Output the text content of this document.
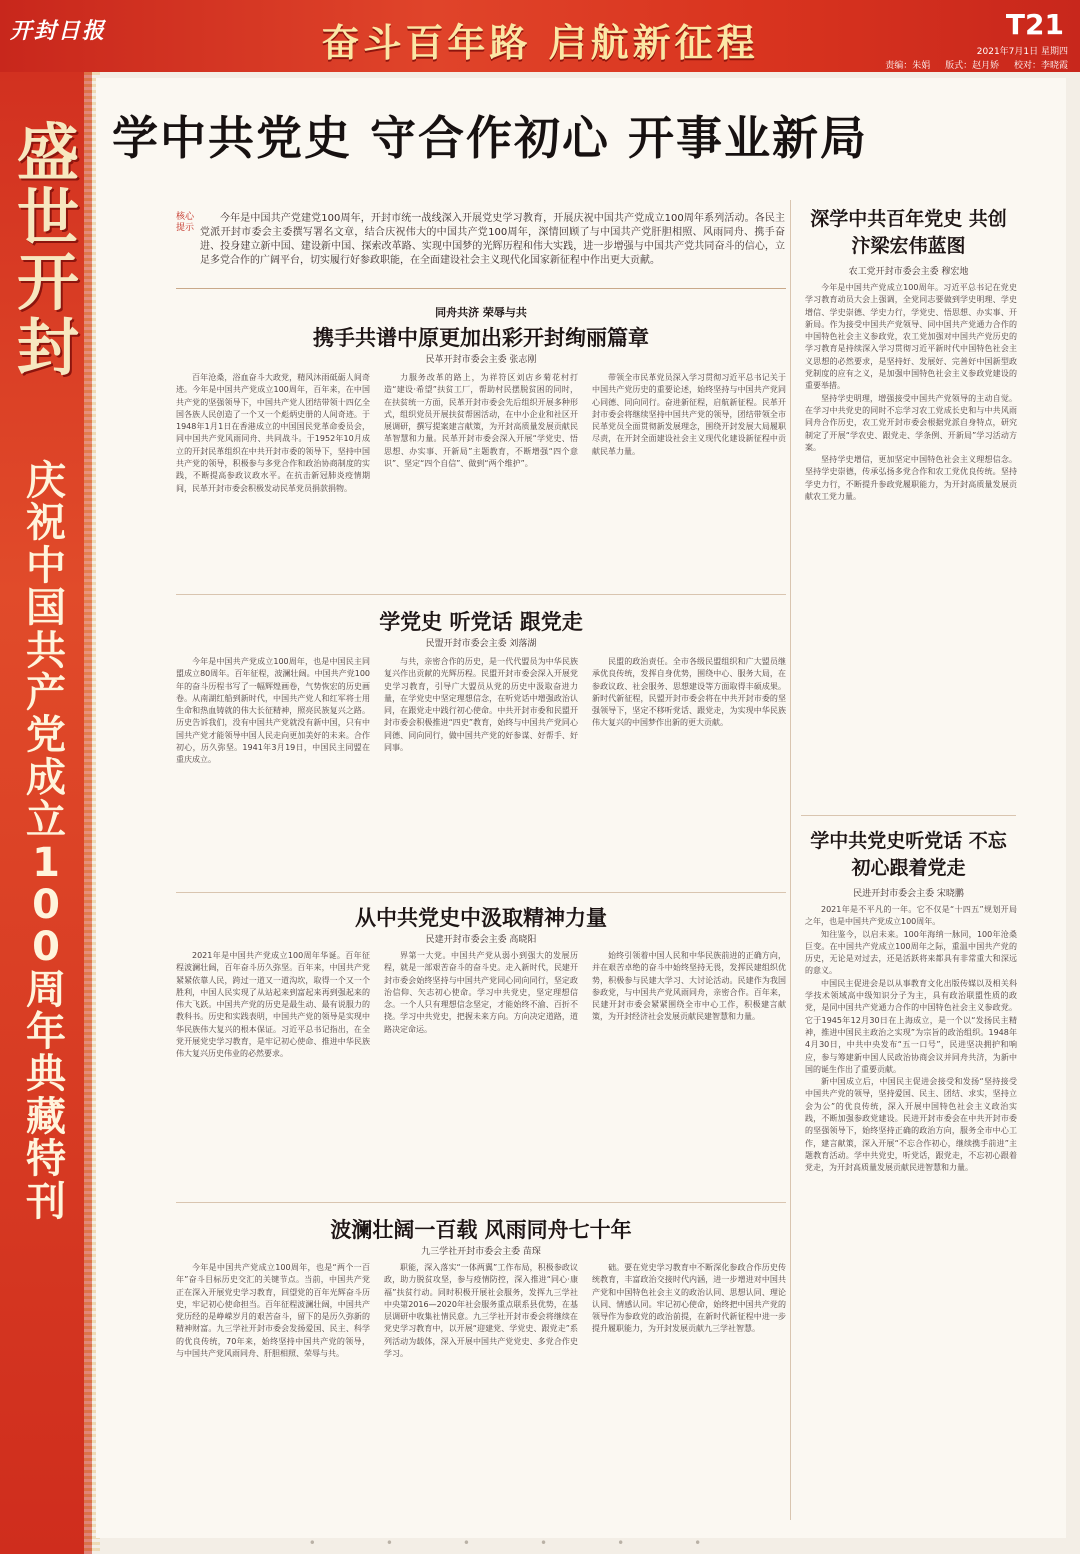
开封日报	奋斗百年路 启航新征程	T21
2021年7月1日 星期四
责编：朱娟 版式：赵月娇 校对：李晓霞
盛世开封
庆祝中国共产党成立100周年典藏特刊
学中共党史 守合作初心 开事业新局
核心提示
今年是中国共产党建党100周年，开封市统一战线深入开展党史学习教育，开展庆祝中国共产党成立100周年系列活动。各民主党派开封市委会主委撰写署名文章，结合庆祝伟大的中国共产党100周年，深情回顾了与中国共产党肝胆相照、风雨同舟、携手奋进、投身建立新中国、建设新中国、探索改革路、实现中国梦的光辉历程和伟大实践，进一步增强与中国共产党共同奋斗的信心，立足多党合作的广阔平台，切实履行好参政职能，在全面建设社会主义现代化国家新征程中作出更大贡献。
同舟共济 荣辱与共
携手共谱中原更加出彩开封绚丽篇章
民革开封市委会主委 张志刚

百年沧桑，浴血奋斗大政党，精风沐雨砥砺人间奇迹。今年是中国共产党成立100周年，百年来，在中国共产党的坚强领导下，中国共产党人团结带领十四亿全国各族人民创造了一个又一个彪炳史册的人间奇迹。于1948年1月1日在香港成立的中国国民党革命委员会，同中国共产党风雨同舟、共同战斗。于1952年10月成立的开封民革组织在中共开封市委的领导下，坚持中国共产党的领导，积极参与多党合作和政治协商制度的实践，不断提高参政议政水平。在抗击新冠肺炎疫情期间，民革开封市委会积极发动民革党员捐款捐物。

力服务改革的路上，为祥符区刘店乡菊花村打造“建设·希望”扶贫工厂，帮助村民摆脱贫困的同时，在扶贫统一方面，民革开封市委会先后组织开展多种形式，组织党员开展扶贫帮困活动，在中小企业和社区开展调研，撰写提案建言献策，为开封高质量发展贡献民革智慧和力量。民革开封市委会深入开展“学党史、悟思想、办实事、开新局”主题教育，不断增强“四个意识”、坚定“四个自信”、做到“两个维护”。

带领全市民革党员深入学习贯彻习近平总书记关于中国共产党历史的重要论述，始终坚持与中国共产党同心同德、同向同行。奋进新征程，启航新征程。民革开封市委会将继续坚持中国共产党的领导，团结带领全市民革党员全面贯彻新发展理念，围绕开封发展大局履职尽责，在开封全面建设社会主义现代化建设新征程中贡献民革力量。

学党史 听党话 跟党走
民盟开封市委会主委 刘落湖

今年是中国共产党成立100周年，也是中国民主同盟成立80周年。百年征程，波澜壮阔。中国共产党100年的奋斗历程书写了一幅辉煌画卷，气势恢宏的历史画卷。从南湖红船到新时代，中国共产党人和红军将士用生命和热血铸就的伟大长征精神，照亮民族复兴之路。历史告诉我们，没有中国共产党就没有新中国，只有中国共产党才能领导中国人民走向更加美好的未来。合作初心，历久弥坚。1941年3月19日，中国民主同盟在重庆成立。

与共，亲密合作的历史，是一代代盟员为中华民族复兴作出贡献的光辉历程。民盟开封市委会深入开展党史学习教育，引导广大盟员从党的历史中汲取奋进力量，在学党史中坚定理想信念，在听党话中增强政治认同，在跟党走中践行初心使命。中共开封市委和民盟开封市委会积极推进“四史”教育，始终与中国共产党同心同德、同向同行，做中国共产党的好参谋、好帮手、好同事。

民盟的政治责任。全市各级民盟组织和广大盟员继承优良传统，发挥自身优势，围绕中心、服务大局，在参政议政、社会服务、思想建设等方面取得丰硕成果。新时代新征程，民盟开封市委会将在中共开封市委的坚强领导下，坚定不移听党话、跟党走，为实现中华民族伟大复兴的中国梦作出新的更大贡献。

从中共党史中汲取精神力量
民建开封市委会主委 高晓阳

2021年是中国共产党成立100周年华诞。百年征程波澜壮阔，百年奋斗历久弥坚。百年来，中国共产党紧紧依靠人民，跨过一道又一道沟坎，取得一个又一个胜利，中国人民实现了从站起来到富起来再到强起来的伟大飞跃。中国共产党的历史是最生动、最有说服力的教科书。历史和实践表明，中国共产党的领导是实现中华民族伟大复兴的根本保证。习近平总书记指出，在全党开展党史学习教育，是牢记初心使命、推进中华民族伟大复兴历史伟业的必然要求。

界第一大党。中国共产党从弱小到强大的发展历程，就是一部艰苦奋斗的奋斗史。走入新时代，民建开封市委会始终坚持与中国共产党同心同向同行，坚定政治信仰、矢志初心使命。学习中共党史，坚定理想信念。一个人只有理想信念坚定，才能始终不渝、百折不挠。学习中共党史，把握未来方向。方向决定道路，道路决定命运。

始终引领着中国人民和中华民族前进的正确方向，并在艰苦卓绝的奋斗中始终坚持无畏，发挥民建组织优势，积极参与民建大学习、大讨论活动。民建作为我国参政党，与中国共产党风雨同舟，亲密合作。百年来，民建开封市委会紧紧围绕全市中心工作，积极建言献策，为开封经济社会发展贡献民建智慧和力量。

波澜壮阔一百载 风雨同舟七十年
九三学社开封市委会主委 苗琛

今年是中国共产党成立100周年，也是“两个一百年”奋斗目标历史交汇的关键节点。当前，中国共产党正在深入开展党史学习教育，回望党的百年光辉奋斗历史，牢记初心使命担当。百年征程波澜壮阔，中国共产党历经的是峥嵘岁月的艰苦奋斗，留下的是历久弥新的精神财富。九三学社开封市委会发扬爱国、民主、科学的优良传统，70年来，始终坚持中国共产党的领导，与中国共产党风雨同舟、肝胆相照、荣辱与共。

职能，深入落实“一体两翼”工作布局，积极参政议政，助力脱贫攻坚，参与疫情防控，深入推进“同心·康福”扶贫行动。同时积极开展社会服务，发挥九三学社中央第2016—2020年社会服务重点联系县优势，在基层调研中收集社情民意。九三学社开封市委会将继续在党史学习教育中，以开展“迎建党、学党史、跟党走”系列活动为载体，深入开展中国共产党党史、多党合作史学习。

础。要在党史学习教育中不断深化参政合作历史传统教育，丰富政治交接时代内涵，进一步增进对中国共产党和中国特色社会主义的政治认同、思想认同、理论认同、情感认同。牢记初心使命，始终把中国共产党的领导作为参政党的政治前提，在新时代新征程中进一步提升履职能力，为开封发展贡献九三学社智慧。

深学中共百年党史 共创汴梁宏伟蓝图
农工党开封市委会主委 穆宏地

今年是中国共产党成立100周年。习近平总书记在党史学习教育动员大会上强调，全党同志要做到学史明理、学史增信、学史崇德、学史力行，学党史、悟思想、办实事、开新局。作为接受中国共产党领导、同中国共产党通力合作的中国特色社会主义参政党，农工党加强对中国共产党历史的学习教育是持续深入学习贯彻习近平新时代中国特色社会主义思想的必然要求，是坚持好、发展好、完善好中国新型政党制度的应有之义，是加强中国特色社会主义参政党建设的重要举措。

坚持学史明理，增强接受中国共产党领导的主动自觉。在学习中共党史的同时不忘学习农工党成长史和与中共风雨同舟合作历史，农工党开封市委会根据党派自身特点，研究制定了开展“学农史、跟党走、学条例、开新局”学习活动方案。

坚持学史增信，更加坚定中国特色社会主义理想信念。坚持学史崇德，传承弘扬多党合作和农工党优良传统。坚持学史力行，不断提升参政党履职能力，为开封高质量发展贡献农工党力量。

学中共党史听党话 不忘初心跟着党走
民进开封市委会主委 宋晓鹏

2021年是不平凡的一年。它不仅是“十四五”规划开局之年，也是中国共产党成立100周年。

知往鉴今，以启未来。100年海纳一脉同，100年沧桑巨变。在中国共产党成立100周年之际，重温中国共产党的历史，无论是对过去，还是活跃将来都具有非常重大和深远的意义。

中国民主促进会是以从事教育文化出版传媒以及相关科学技术领域高中级知识分子为主，具有政治联盟性质的政党，是同中国共产党通力合作的中国特色社会主义参政党。它于1945年12月30日在上海成立，是一个以“发扬民主精神，推进中国民主政治之实现”为宗旨的政治组织。1948年4月30日，中共中央发布“五一口号”，民进坚决拥护和响应，参与筹建新中国人民政治协商会议并同舟共济，为新中国的诞生作出了重要贡献。

新中国成立后，中国民主促进会接受和发扬“坚持接受中国共产党的领导，坚持爱国、民主、团结、求实，坚持立会为公”的优良传统，深入开展中国特色社会主义政治实践，不断加强参政党建设。民进开封市委会在中共开封市委的坚强领导下，始终坚持正确的政治方向，服务全市中心工作，建言献策，深入开展“不忘合作初心，继续携手前进”主题教育活动。学中共党史，听党话，跟党走，不忘初心跟着党走，为开封高质量发展贡献民进智慧和力量。

••••••
